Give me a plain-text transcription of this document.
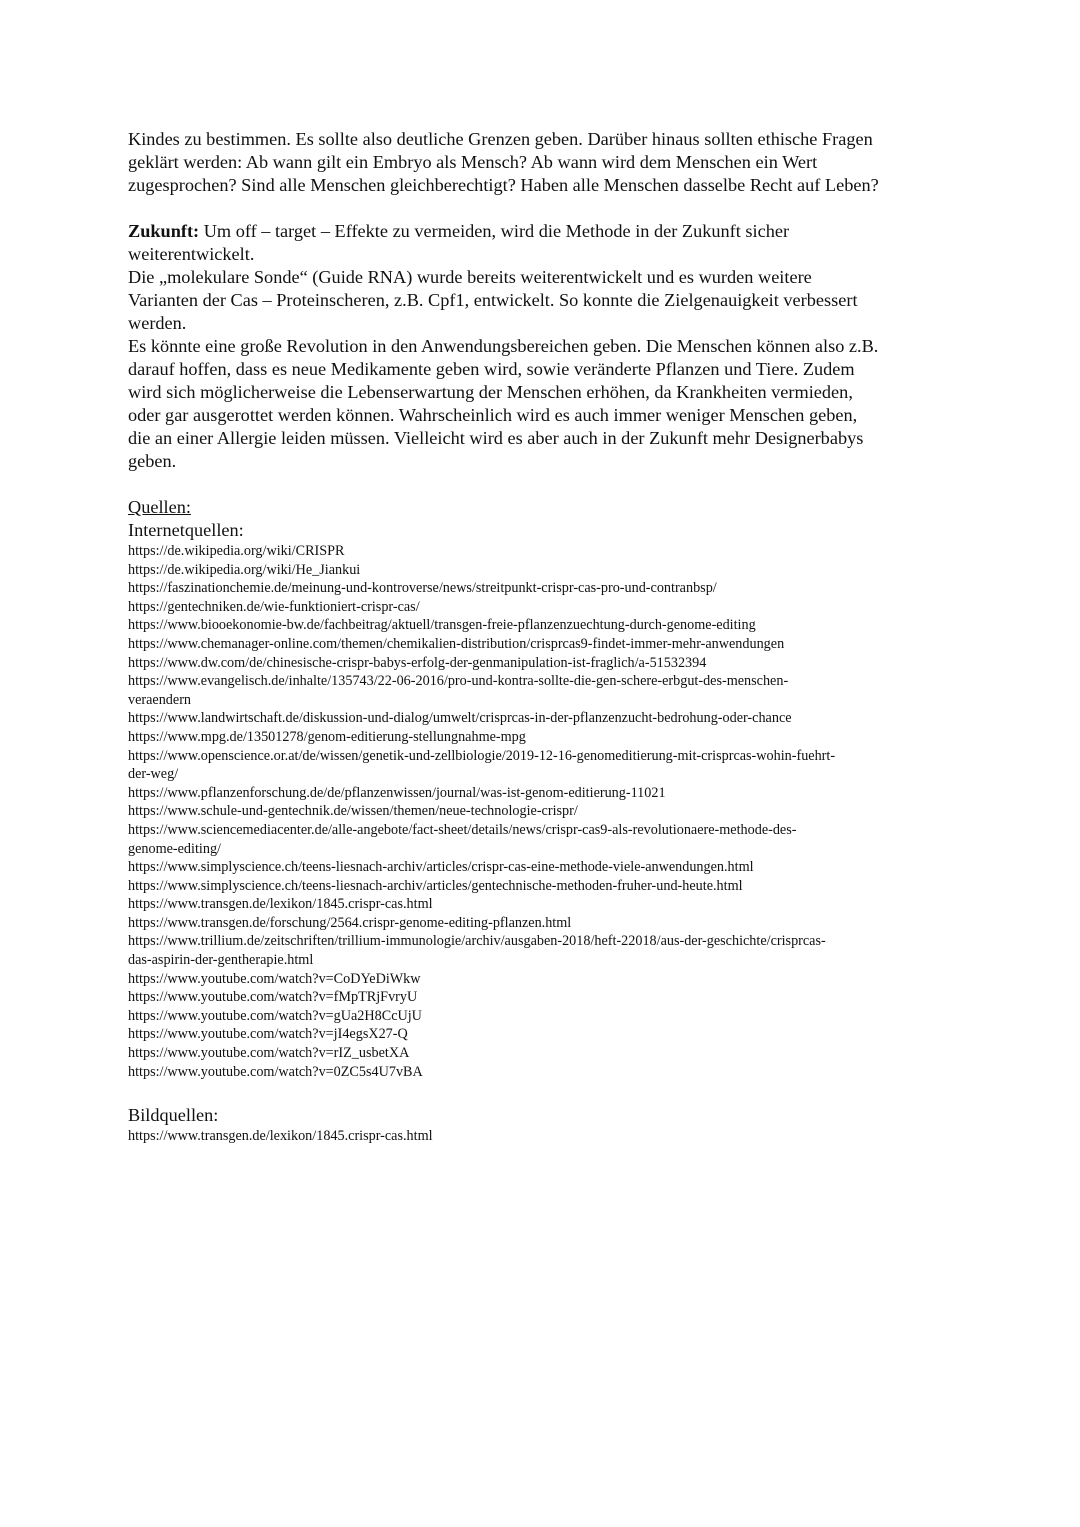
Kindes zu bestimmen. Es sollte also deutliche Grenzen geben. Darüber hinaus sollten ethische Fragen
geklärt werden: Ab wann gilt ein Embryo als Mensch? Ab wann wird dem Menschen ein Wert
zugesprochen? Sind alle Menschen gleichberechtigt? Haben alle Menschen dasselbe Recht auf Leben?

Zukunft: Um off – target – Effekte zu vermeiden, wird die Methode in der Zukunft sicher
weiterentwickelt.
Die „molekulare Sonde“ (Guide RNA) wurde bereits weiterentwickelt und es wurden weitere
Varianten der Cas – Proteinscheren, z.B. Cpf1, entwickelt. So konnte die Zielgenauigkeit verbessert
werden.
Es könnte eine große Revolution in den Anwendungsbereichen geben. Die Menschen können also z.B.
darauf hoffen, dass es neue Medikamente geben wird, sowie veränderte Pflanzen und Tiere. Zudem
wird sich möglicherweise die Lebenserwartung der Menschen erhöhen, da Krankheiten vermieden,
oder gar ausgerottet werden können. Wahrscheinlich wird es auch immer weniger Menschen geben,
die an einer Allergie leiden müssen. Vielleicht wird es aber auch in der Zukunft mehr Designerbabys
geben.

Quellen:
Internetquellen:
https://de.wikipedia.org/wiki/CRISPR
https://de.wikipedia.org/wiki/He_Jiankui
https://faszinationchemie.de/meinung-und-kontroverse/news/streitpunkt-crispr-cas-pro-und-contranbsp/
https://gentechniken.de/wie-funktioniert-crispr-cas/
https://www.biooekonomie-bw.de/fachbeitrag/aktuell/transgen-freie-pflanzenzuechtung-durch-genome-editing
https://www.chemanager-online.com/themen/chemikalien-distribution/crisprcas9-findet-immer-mehr-anwendungen
https://www.dw.com/de/chinesische-crispr-babys-erfolg-der-genmanipulation-ist-fraglich/a-51532394
https://www.evangelisch.de/inhalte/135743/22-06-2016/pro-und-kontra-sollte-die-gen-schere-erbgut-des-menschen-
veraendern
https://www.landwirtschaft.de/diskussion-und-dialog/umwelt/crisprcas-in-der-pflanzenzucht-bedrohung-oder-chance
https://www.mpg.de/13501278/genom-editierung-stellungnahme-mpg
https://www.openscience.or.at/de/wissen/genetik-und-zellbiologie/2019-12-16-genomeditierung-mit-crisprcas-wohin-fuehrt-
der-weg/
https://www.pflanzenforschung.de/de/pflanzenwissen/journal/was-ist-genom-editierung-11021
https://www.schule-und-gentechnik.de/wissen/themen/neue-technologie-crispr/
https://www.sciencemediacenter.de/alle-angebote/fact-sheet/details/news/crispr-cas9-als-revolutionaere-methode-des-
genome-editing/
https://www.simplyscience.ch/teens-liesnach-archiv/articles/crispr-cas-eine-methode-viele-anwendungen.html
https://www.simplyscience.ch/teens-liesnach-archiv/articles/gentechnische-methoden-fruher-und-heute.html
https://www.transgen.de/lexikon/1845.crispr-cas.html
https://www.transgen.de/forschung/2564.crispr-genome-editing-pflanzen.html
https://www.trillium.de/zeitschriften/trillium-immunologie/archiv/ausgaben-2018/heft-22018/aus-der-geschichte/crisprcas-
das-aspirin-der-gentherapie.html
https://www.youtube.com/watch?v=CoDYeDiWkw
https://www.youtube.com/watch?v=fMpTRjFvryU
https://www.youtube.com/watch?v=gUa2H8CcUjU
https://www.youtube.com/watch?v=jI4egsX27-Q
https://www.youtube.com/watch?v=rIZ_usbetXA
https://www.youtube.com/watch?v=0ZC5s4U7vBA
Bildquellen:
https://www.transgen.de/lexikon/1845.crispr-cas.html
